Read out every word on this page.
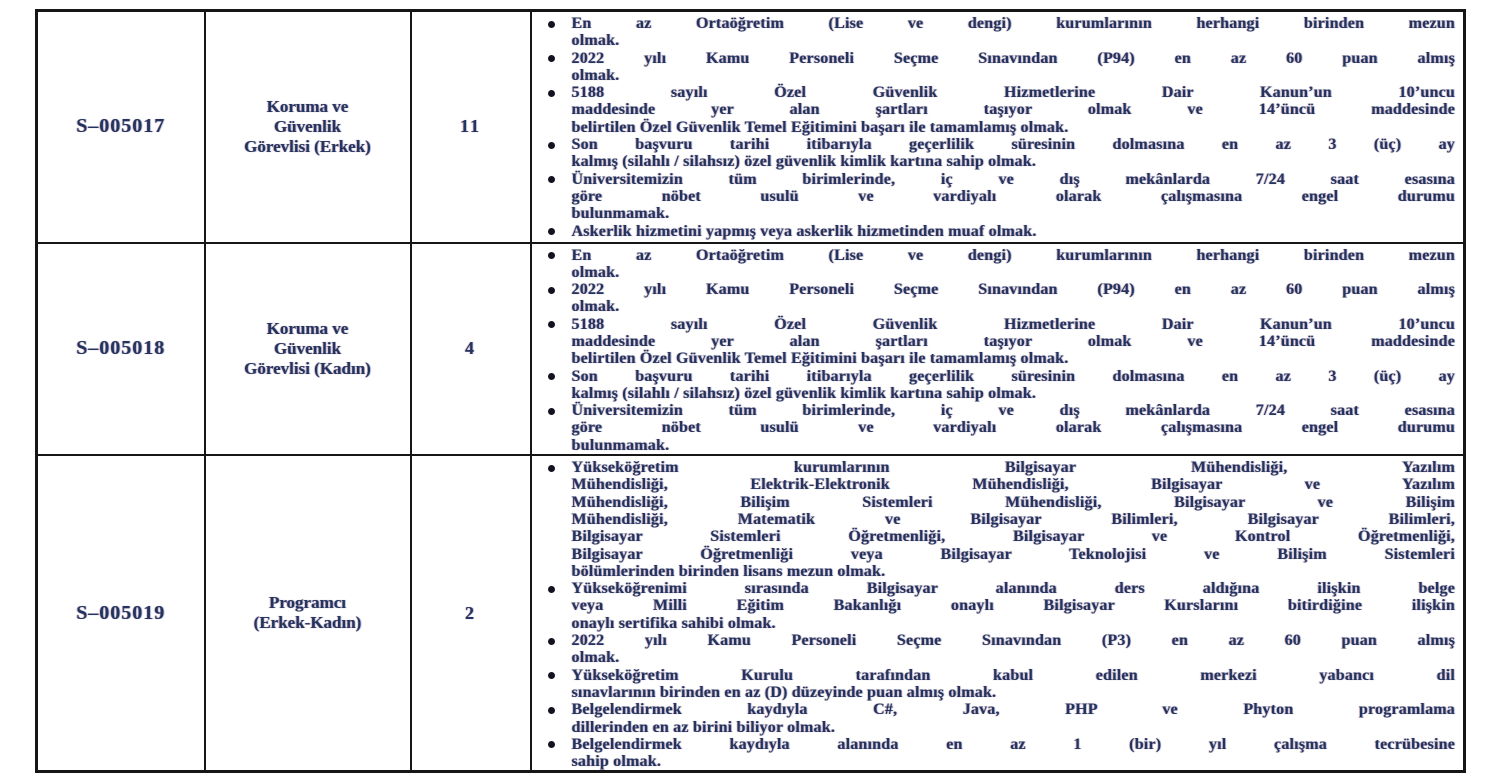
S–005017	Koruma ve Güvenlik Görevlisi (Erkek)	11	
En az Ortaöğretim (Lise ve dengi) kurumlarının herhangi birinden mezun
olmak.
2022 yılı Kamu Personeli Seçme Sınavından (P94) en az 60 puan almış
olmak.
5188 sayılı Özel Güvenlik Hizmetlerine Dair Kanun’un 10’uncu
maddesinde yer alan şartları taşıyor olmak ve 14’üncü maddesinde
belirtilen Özel Güvenlik Temel Eğitimini başarı ile tamamlamış olmak.
Son başvuru tarihi itibarıyla geçerlilik süresinin dolmasına en az 3 (üç) ay
kalmış (silahlı / silahsız) özel güvenlik kimlik kartına sahip olmak.
Üniversitemizin tüm birimlerinde, iç ve dış mekânlarda 7/24 saat esasına
göre nöbet usulü ve vardiyalı olarak çalışmasına engel durumu
bulunmamak.
Askerlik hizmetini yapmış veya askerlik hizmetinden muaf olmak.

S–005018	Koruma ve Güvenlik Görevlisi (Kadın)	4	
En az Ortaöğretim (Lise ve dengi) kurumlarının herhangi birinden mezun
olmak.
2022 yılı Kamu Personeli Seçme Sınavından (P94) en az 60 puan almış
olmak.
5188 sayılı Özel Güvenlik Hizmetlerine Dair Kanun’un 10’uncu
maddesinde yer alan şartları taşıyor olmak ve 14’üncü maddesinde
belirtilen Özel Güvenlik Temel Eğitimini başarı ile tamamlamış olmak.
Son başvuru tarihi itibarıyla geçerlilik süresinin dolmasına en az 3 (üç) ay
kalmış (silahlı / silahsız) özel güvenlik kimlik kartına sahip olmak.
Üniversitemizin tüm birimlerinde, iç ve dış mekânlarda 7/24 saat esasına
göre nöbet usulü ve vardiyalı olarak çalışmasına engel durumu
bulunmamak.

S–005019	Programcı (Erkek-Kadın)	2	
Yükseköğretim kurumlarının Bilgisayar Mühendisliği, Yazılım
Mühendisliği, Elektrik-Elektronik Mühendisliği, Bilgisayar ve Yazılım
Mühendisliği, Bilişim Sistemleri Mühendisliği, Bilgisayar ve Bilişim
Mühendisliği, Matematik ve Bilgisayar Bilimleri, Bilgisayar Bilimleri,
Bilgisayar Sistemleri Öğretmenliği, Bilgisayar ve Kontrol Öğretmenliği,
Bilgisayar Öğretmenliği veya Bilgisayar Teknolojisi ve Bilişim Sistemleri
bölümlerinden birinden lisans mezun olmak.
Yükseköğrenimi sırasında Bilgisayar alanında ders aldığına ilişkin belge
veya Milli Eğitim Bakanlığı onaylı Bilgisayar Kurslarını bitirdiğine ilişkin
onaylı sertifika sahibi olmak.
2022 yılı Kamu Personeli Seçme Sınavından (P3) en az 60 puan almış
olmak.
Yükseköğretim Kurulu tarafından kabul edilen merkezi yabancı dil
sınavlarının birinden en az (D) düzeyinde puan almış olmak.
Belgelendirmek kaydıyla C#, Java, PHP ve Phyton programlama
dillerinden en az birini biliyor olmak.
Belgelendirmek kaydıyla alanında en az 1 (bir) yıl çalışma tecrübesine
sahip olmak.
